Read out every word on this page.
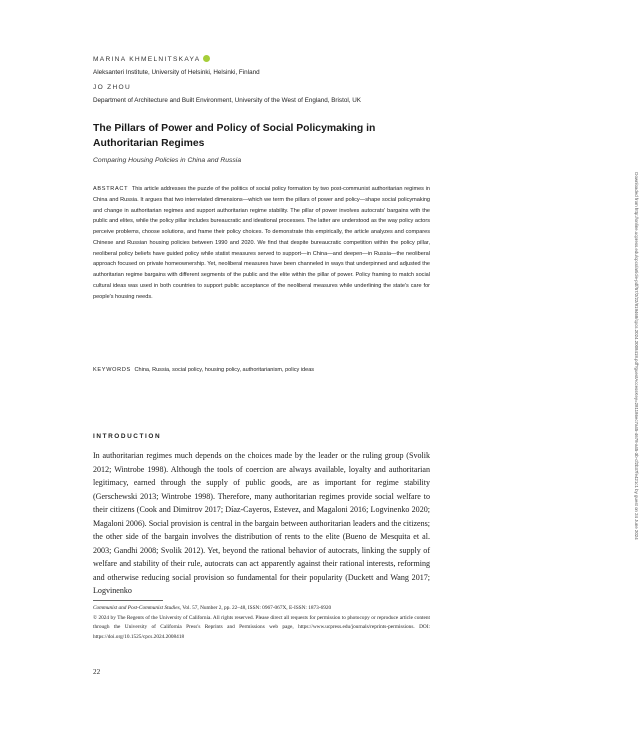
MARINA KHMELNITSKAYA
Aleksanteri Institute, University of Helsinki, Helsinki, Finland
JO ZHOU
Department of Architecture and Built Environment, University of the West of England, Bristol, UK
The Pillars of Power and Policy of Social Policymaking in Authoritarian Regimes

Comparing Housing Policies in China and Russia

ABSTRACT This article addresses the puzzle of the politics of social policy formation by two post-communist authoritarian regimes in China and Russia. It argues that two interrelated dimensions—which we term the pillars of power and policy—shape social policymaking and change in authoritarian regimes and support authoritarian regime stability. The pillar of power involves autocrats' bargains with the public and elites, while the policy pillar includes bureaucratic and ideational processes. The latter are understood as the way policy actors perceive problems, choose solutions, and frame their policy choices. To demonstrate this empirically, the article analyzes and compares Chinese and Russian housing policies between 1990 and 2020. We find that despite bureaucratic competition within the policy pillar, neoliberal policy beliefs have guided policy while statist measures served to support—in China—and deepen—in Russia—the neoliberal approach focused on private homeownership. Yet, neoliberal measures have been channeled in ways that underpinned and adjusted the authoritarian regime bargains with different segments of the public and the elite within the pillar of power. Policy framing to match social cultural ideas was used in both countries to support public acceptance of the neoliberal measures while underlining the state's care for people's housing needs.

KEYWORDS China, Russia, social policy, housing policy, authoritarianism, policy ideas

INTRODUCTION

In authoritarian regimes much depends on the choices made by the leader or the ruling group (Svolik 2012; Wintrobe 1998). Although the tools of coercion are always available, loyalty and authoritarian legitimacy, earned through the supply of public goods, are as important for regime stability (Gerschewski 2013; Wintrobe 1998). Therefore, many authoritarian regimes provide social welfare to their citizens (Cook and Dimitrov 2017; Díaz-Cayeros, Estevez, and Magaloni 2016; Logvinenko 2020; Magaloni 2006). Social provision is central in the bargain between authoritarian leaders and the citizens; the other side of the bargain involves the distribution of rents to the elite (Bueno de Mesquita et al. 2003; Gandhi 2008; Svolik 2012). Yet, beyond the rational behavior of autocrats, linking the supply of welfare and stability of their rule, autocrats can act apparently against their rational interests, reforming and otherwise reducing social provision so fundamental for their popularity (Duckett and Wang 2017; Logvinenko

Communist and Post-Communist Studies, Vol. 57, Number 2, pp. 22–48, ISSN: 0967-067X, E-ISSN: 1873-6920
© 2024 by The Regents of the University of California. All rights reserved. Please direct all requests for permission to photocopy or reproduce article content through the University of California Press's Reprints and Permissions web page, https://www.ucpress.edu/journals/reprints-permissions. DOI: https://doi.org/10.1525/cpcs.2024.2008418

22
Downloaded from http://online.ucpress.edu/cpcs/article-pdf/57/2/22/819468/cpcs.2024.2008418.pdf?guestAccessKey=281186ec7a45-4678-a45-3b-cf2b37fe421c1 by guest on 24 June 2024
